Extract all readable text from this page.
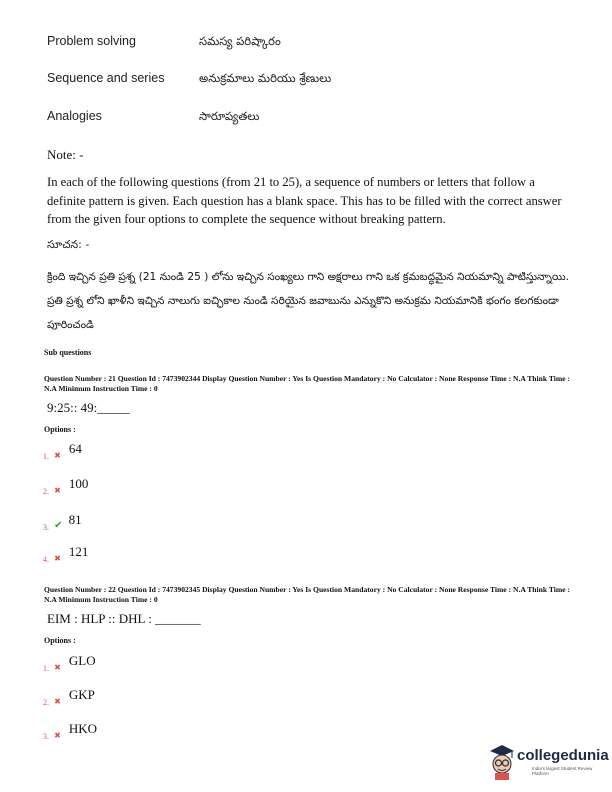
Problem solving	సమస్య పరిష్కారం
Sequence and series	అనుక్రమాలు మరియు శ్రేణులు
Analogies	సారూప్యతలు
Note: -
In each of the following questions (from 21 to 25), a sequence of numbers or letters that follow a definite pattern is given. Each question has a blank space. This has to be filled with the correct answer from the given four options to complete the sequence without breaking pattern.
సూచన: -
క్రింది ఇచ్చిన ప్రతి ప్రశ్న (21 నుండి 25 ) లోను ఇచ్చిన సంఖ్యలు గాని అక్షరాలు గాని ఒక క్రమబద్ధమైన నియమాన్ని పాటిస్తున్నాయి. ప్రతి ప్రశ్న లోని ఖాళీని ఇచ్చిన నాలుగు ఐచ్ఛికాల నుండి సరియైన జవాబును ఎన్నుకొని అనుక్రమ నియమానికి భంగం కలగకుండా పూరించండి
Sub questions
Question Number : 21 Question Id : 7473902344 Display Question Number : Yes Is Question Mandatory : No Calculator : None Response Time : N.A Think Time : N.A Minimum Instruction Time : 0
9:25:: 49:_____
Options :
$_{1.}$ $_✖$ 64
$_{2.}$ $_✖$ 100
$_{3.}$ $_✔$ 81
$_{4.}$ $_✖$ 121
Question Number : 22 Question Id : 7473902345 Display Question Number : Yes Is Question Mandatory : No Calculator : None Response Time : N.A Think Time : N.A Minimum Instruction Time : 0
EIM : HLP :: DHL : _______
Options :
$_{1.}$ $_✖$ GLO
$_{2.}$ $_✖$ GKP
$_{3.}$ $_✖$ HKO
collegedunia
India's largest Student Review Platform
